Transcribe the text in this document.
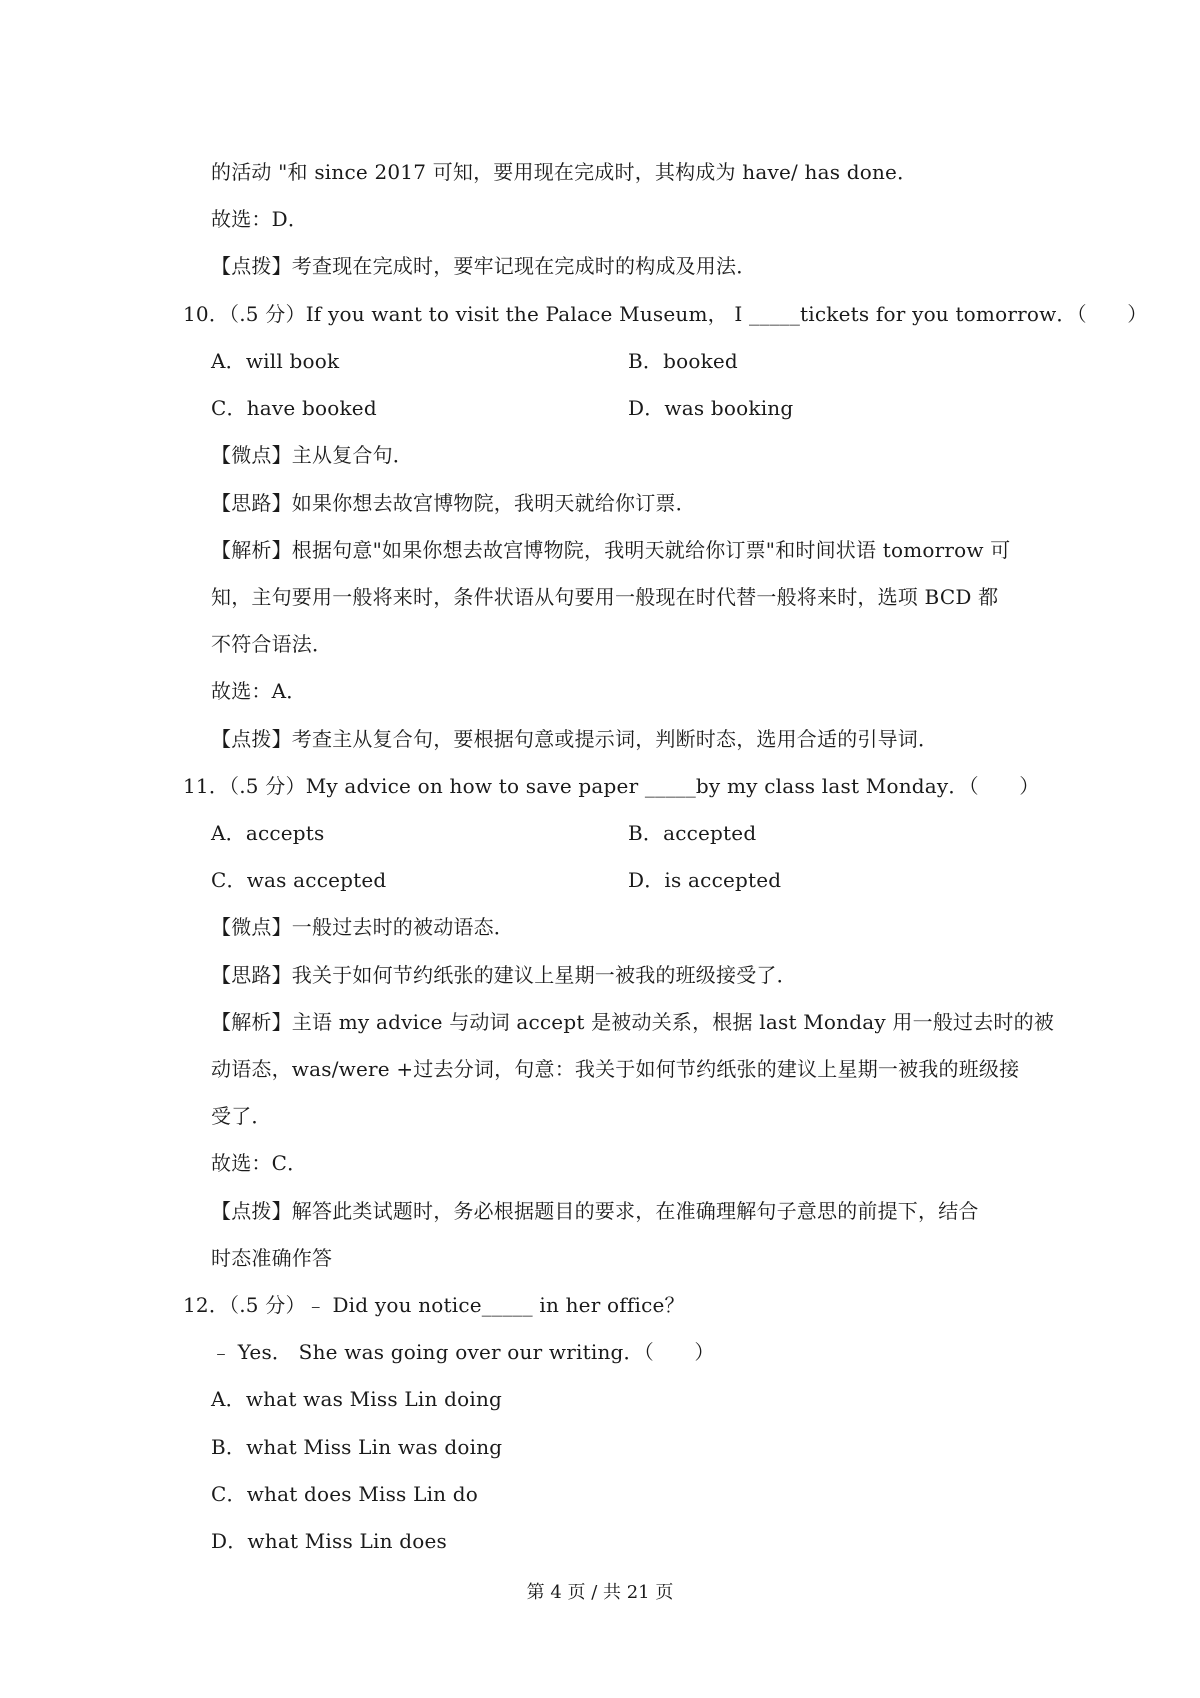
的活动 "和 since 2017 可知，要用现在完成时，其构成为 have/ has done．
故选：D．
【点拨】考查现在完成时，要牢记现在完成时的构成及用法．
10．（.5 分）If you want to visit the Palace Museum， I _____tickets for you tomorrow．（　　）
A．will book	B．booked
C．have booked	D．was booking
【微点】主从复合句．
【思路】如果你想去故宫博物院，我明天就给你订票．
【解析】根据句意"如果你想去故宫博物院，我明天就给你订票"和时间状语 tomorrow 可
知，主句要用一般将来时，条件状语从句要用一般现在时代替一般将来时，选项 BCD 都
不符合语法．
故选：A．
【点拨】考查主从复合句，要根据句意或提示词，判断时态，选用合适的引导词．
11．（.5 分）My advice on how to save paper _____by my class last Monday．（　　）
A．accepts	B．accepted
C．was accepted	D．is accepted
【微点】一般过去时的被动语态．
【思路】我关于如何节约纸张的建议上星期一被我的班级接受了．
【解析】主语 my advice 与动词 accept 是被动关系，根据 last Monday 用一般过去时的被
动语态，was/were +过去分词，句意：我关于如何节约纸张的建议上星期一被我的班级接
受了．
故选：C．
【点拨】解答此类试题时，务必根据题目的要求，在准确理解句子意思的前提下，结合
时态准确作答
12．（.5 分）﹣ Did you notice_____ in her office？
﹣ Yes． She was going over our writing．（　　）
A．what was Miss Lin doing
B．what Miss Lin was doing
C．what does Miss Lin do
D．what Miss Lin does
第 4 页 / 共 21 页
